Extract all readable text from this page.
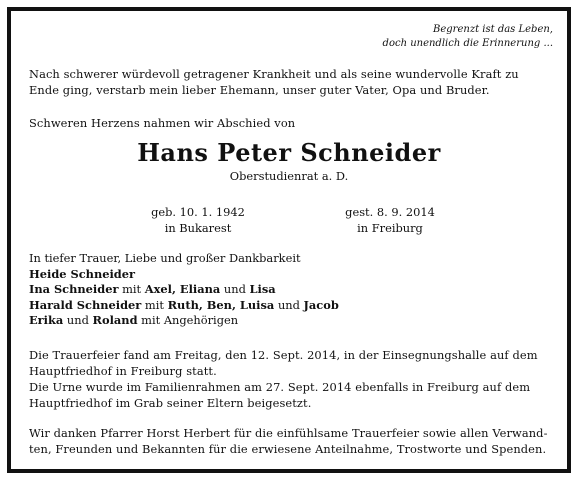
Begrenzt ist das Leben,
doch unendlich die Erinnerung ...
Nach schwerer würdevoll getragener Krankheit und als seine wundervolle Kraft zu
Ende ging, verstarb mein lieber Ehemann, unser guter Vater, Opa und Bruder.
Schweren Herzens nahmen wir Abschied von
Hans Peter Schneider
Oberstudienrat a. D.
geb. 10. 1. 1942
in Bukarest
gest. 8. 9. 2014
in Freiburg
In tiefer Trauer, Liebe und großer Dankbarkeit
Heide Schneider
Ina Schneider mit Axel, Eliana und Lisa
Harald Schneider mit Ruth, Ben, Luisa und Jacob
Erika und Roland mit Angehörigen
Die Trauerfeier fand am Freitag, den 12. Sept. 2014, in der Einsegnungshalle auf dem
Hauptfriedhof in Freiburg statt.
Die Urne wurde im Familienrahmen am 27. Sept. 2014 ebenfalls in Freiburg auf dem
Hauptfriedhof im Grab seiner Eltern beigesetzt.
Wir danken Pfarrer Horst Herbert für die einfühlsame Trauerfeier sowie allen Verwand-
ten, Freunden und Bekannten für die erwiesene Anteilnahme, Trostworte und Spenden.
